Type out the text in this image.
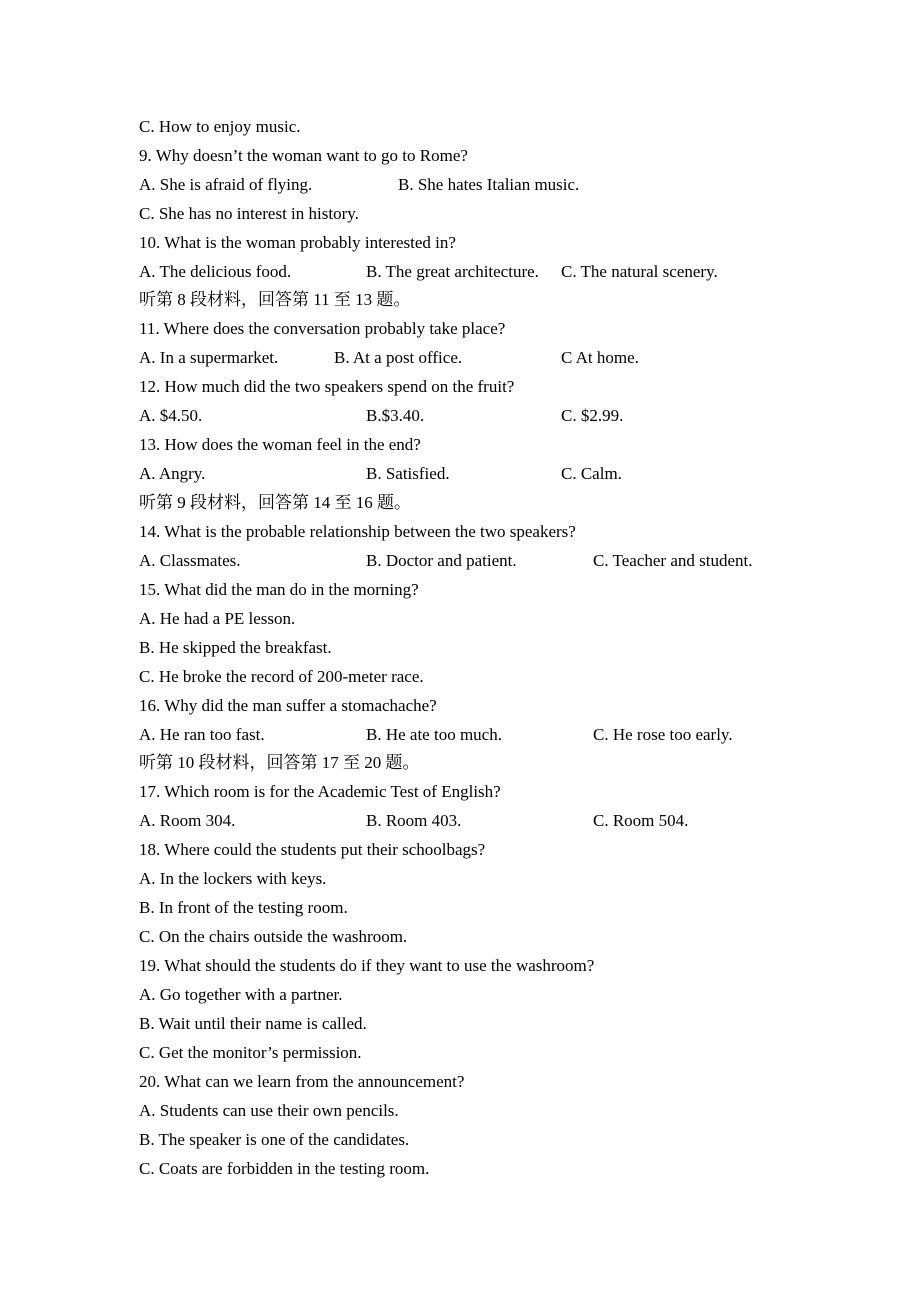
C. How to enjoy music.
9. Why doesn’t the woman want to go to Rome?
A. She is afraid of flying.	B. She hates Italian music.
C. She has no interest in history.
10. What is the woman probably interested in?
A. The delicious food.	B. The great architecture. C. The natural scenery.
听第 8 段材料，回答第 11 至 13 题。
11. Where does the conversation probably take place?
A. In a supermarket.	B. At a post office.	C At home.
12. How much did the two speakers spend on the fruit?
A. $4.50.	B.$3.40.	C. $2.99.
13. How does the woman feel in the end?
A. Angry.	B. Satisfied.	C. Calm.
听第 9 段材料，回答第 14 至 16 题。
14. What is the probable relationship between the two speakers?
A. Classmates.	B. Doctor and patient.	C. Teacher and student.
15. What did the man do in the morning?
A. He had a PE lesson.
B. He skipped the breakfast.
C. He broke the record of 200-meter race.
16. Why did the man suffer a stomachache?
A. He ran too fast.	B. He ate too much.	C. He rose too early.
听第 10 段材料，回答第 17 至 20 题。
17. Which room is for the Academic Test of English?
A. Room 304.	B. Room 403.	C. Room 504.
18. Where could the students put their schoolbags?
A. In the lockers with keys.
B. In front of the testing room.
C. On the chairs outside the washroom.
19. What should the students do if they want to use the washroom?
A. Go together with a partner.
B. Wait until their name is called.
C. Get the monitor’s permission.
20. What can we learn from the announcement?
A. Students can use their own pencils.
B. The speaker is one of the candidates.
C. Coats are forbidden in the testing room.
